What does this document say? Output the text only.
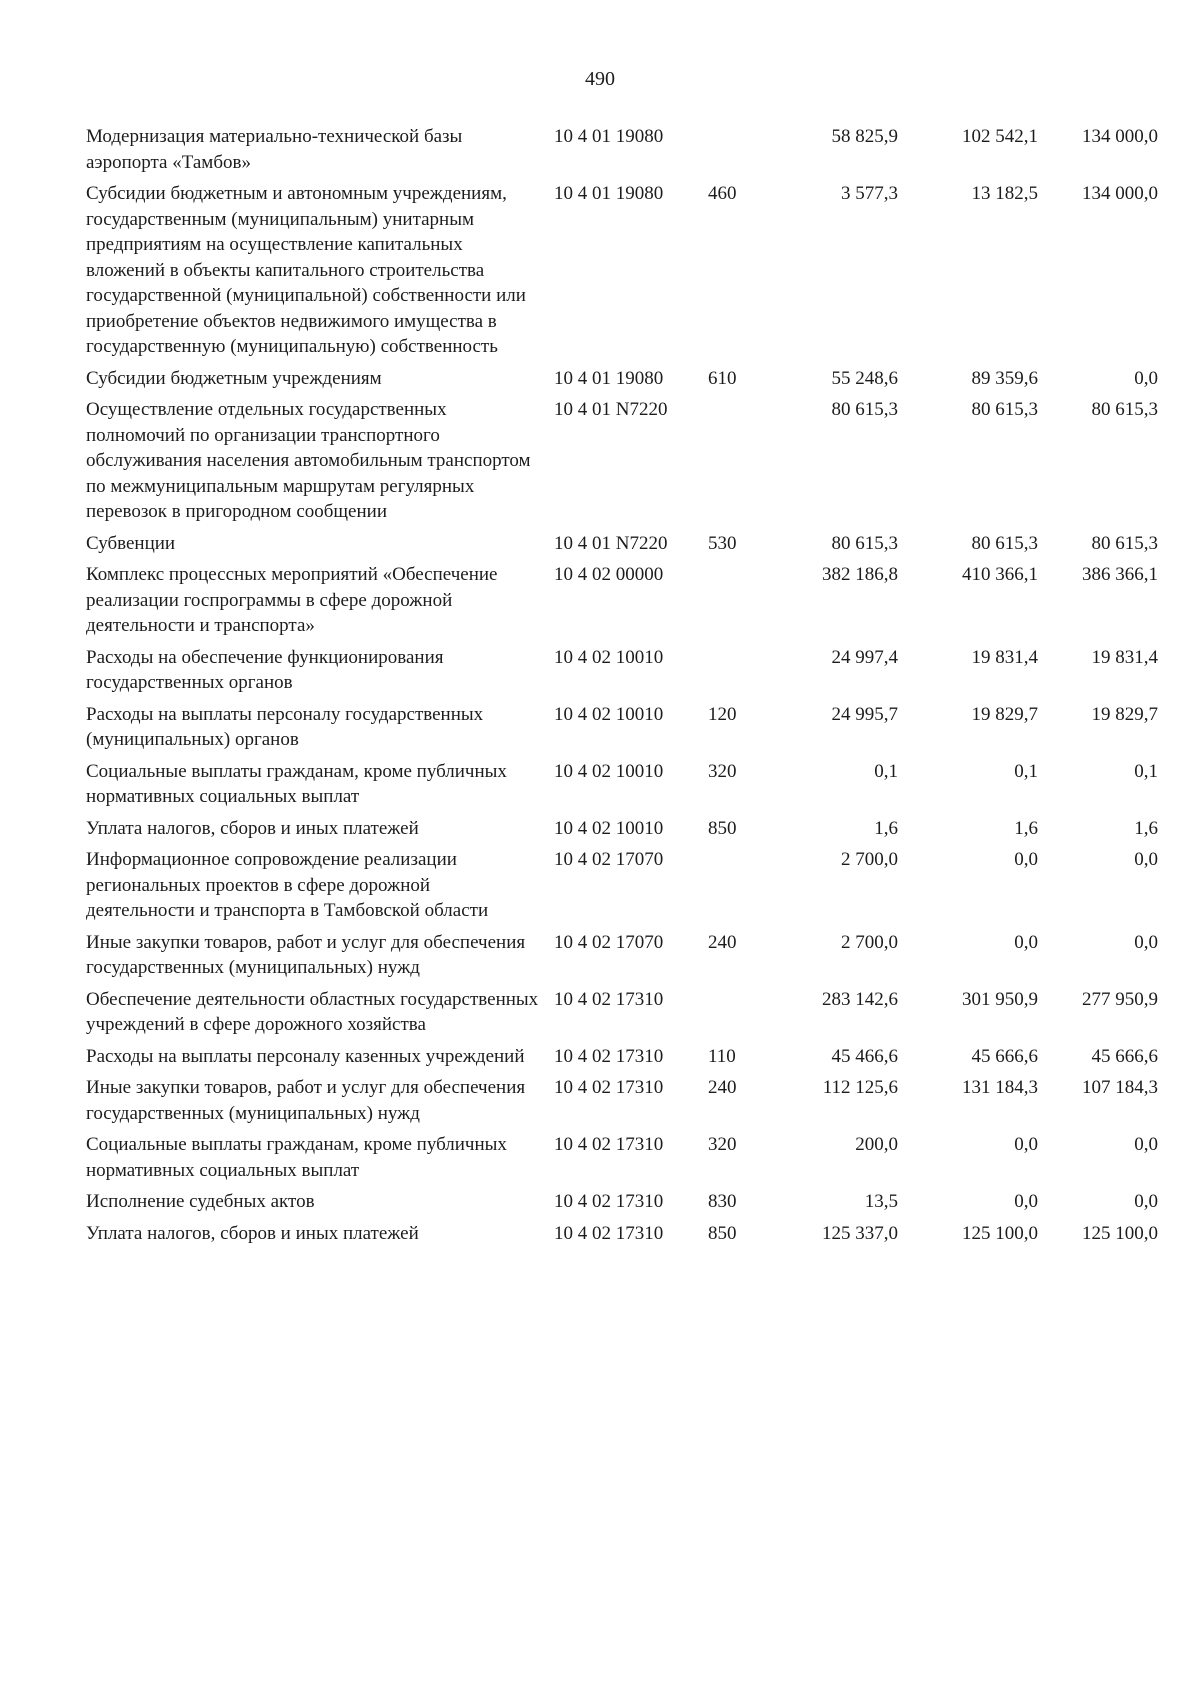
490
Модернизация материально-технической базы аэропорта «Тамбов»	10 4 01 19080		58 825,9	102 542,1	134 000,0
Субсидии бюджетным и автономным учреждениям, государственным (муниципальным) унитарным предприятиям на осуществление капитальных вложений в объекты капитального строительства государственной (муниципальной) собственности или приобретение объектов недвижимого имущества в государственную (муниципальную) собственность	10 4 01 19080	460	3 577,3	13 182,5	134 000,0
Субсидии бюджетным учреждениям	10 4 01 19080	610	55 248,6	89 359,6	0,0
Осуществление отдельных государственных полномочий по организации транспортного обслуживания населения автомобильным транспортом по межмуниципальным маршрутам регулярных перевозок в пригородном сообщении	10 4 01 N7220		80 615,3	80 615,3	80 615,3
Субвенции	10 4 01 N7220	530	80 615,3	80 615,3	80 615,3
Комплекс процессных мероприятий «Обеспечение реализации госпрограммы в сфере дорожной деятельности и транспорта»	10 4 02 00000		382 186,8	410 366,1	386 366,1
Расходы на обеспечение функционирования государственных органов	10 4 02 10010		24 997,4	19 831,4	19 831,4
Расходы на выплаты персоналу государственных (муниципальных) органов	10 4 02 10010	120	24 995,7	19 829,7	19 829,7
Социальные выплаты гражданам, кроме публичных нормативных социальных выплат	10 4 02 10010	320	0,1	0,1	0,1
Уплата налогов, сборов и иных платежей	10 4 02 10010	850	1,6	1,6	1,6
Информационное сопровождение реализации региональных проектов в сфере дорожной деятельности и транспорта в Тамбовской области	10 4 02 17070		2 700,0	0,0	0,0
Иные закупки товаров, работ и услуг для обеспечения государственных (муниципальных) нужд	10 4 02 17070	240	2 700,0	0,0	0,0
Обеспечение деятельности областных государственных учреждений в сфере дорожного хозяйства	10 4 02 17310		283 142,6	301 950,9	277 950,9
Расходы на выплаты персоналу казенных учреждений	10 4 02 17310	110	45 466,6	45 666,6	45 666,6
Иные закупки товаров, работ и услуг для обеспечения государственных (муниципальных) нужд	10 4 02 17310	240	112 125,6	131 184,3	107 184,3
Социальные выплаты гражданам, кроме публичных нормативных социальных выплат	10 4 02 17310	320	200,0	0,0	0,0
Исполнение судебных актов	10 4 02 17310	830	13,5	0,0	0,0
Уплата налогов, сборов и иных платежей	10 4 02 17310	850	125 337,0	125 100,0	125 100,0
